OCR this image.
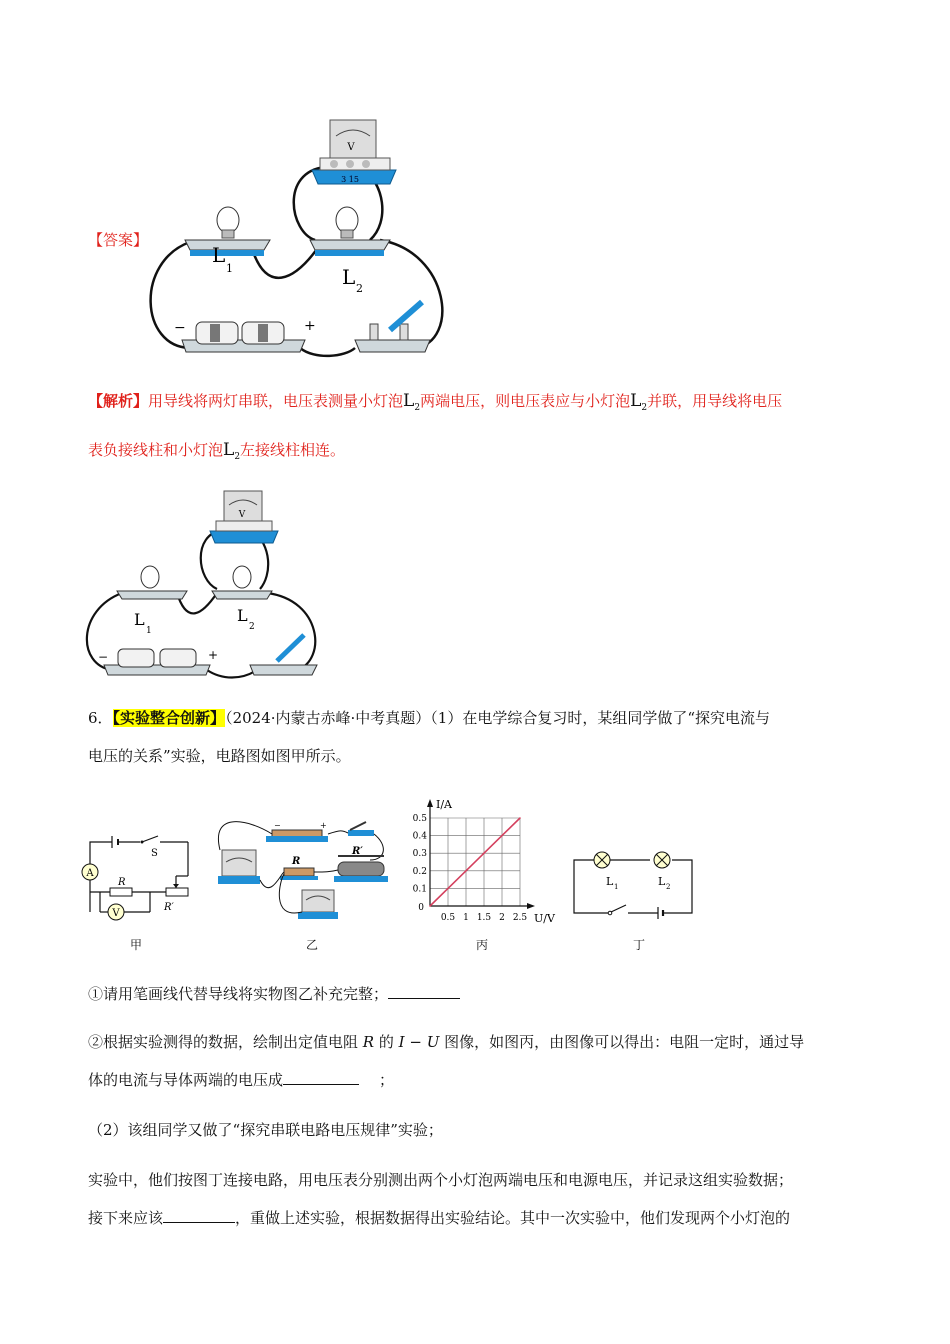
【答案】
V
3 15
L
1	L 2
−	+
【解析】用导线将两灯串联，电压表测量小灯泡$L_2$两端电压，则电压表应与小灯泡$L_2$并联，用导线将电压
表负接线柱和小灯泡$L_2$左接线柱相连。
V
L
1
L
2
−	+
6．【实验整合创新】（2024·内蒙古赤峰·中考真题）（1）在电学综合复习时，某组同学做了“探究电流与
电压的关系”实验，电路图如图甲所示。
S
A
R
R′
V
甲
−	+
R
R′
乙
0.1
0.2
0.3
0.4
0.5
0
0.5 1 1.5 2 2.5
I/A
U/V
丙
L 1	L 2
丁
①请用笔画线代替导线将实物图乙补充完整；
②根据实验测得的数据，绘制出定值电阻 R 的 I − U 图像，如图丙，由图像可以得出：电阻一定时，通过导
体的电流与导体两端的电压成	；
（2）该组同学又做了“探究串联电路电压规律”实验；
实验中，他们按图丁连接电路，用电压表分别测出两个小灯泡两端电压和电源电压，并记录这组实验数据；
接下来应该	，重做上述实验，根据数据得出实验结论。其中一次实验中，他们发现两个小灯泡的
